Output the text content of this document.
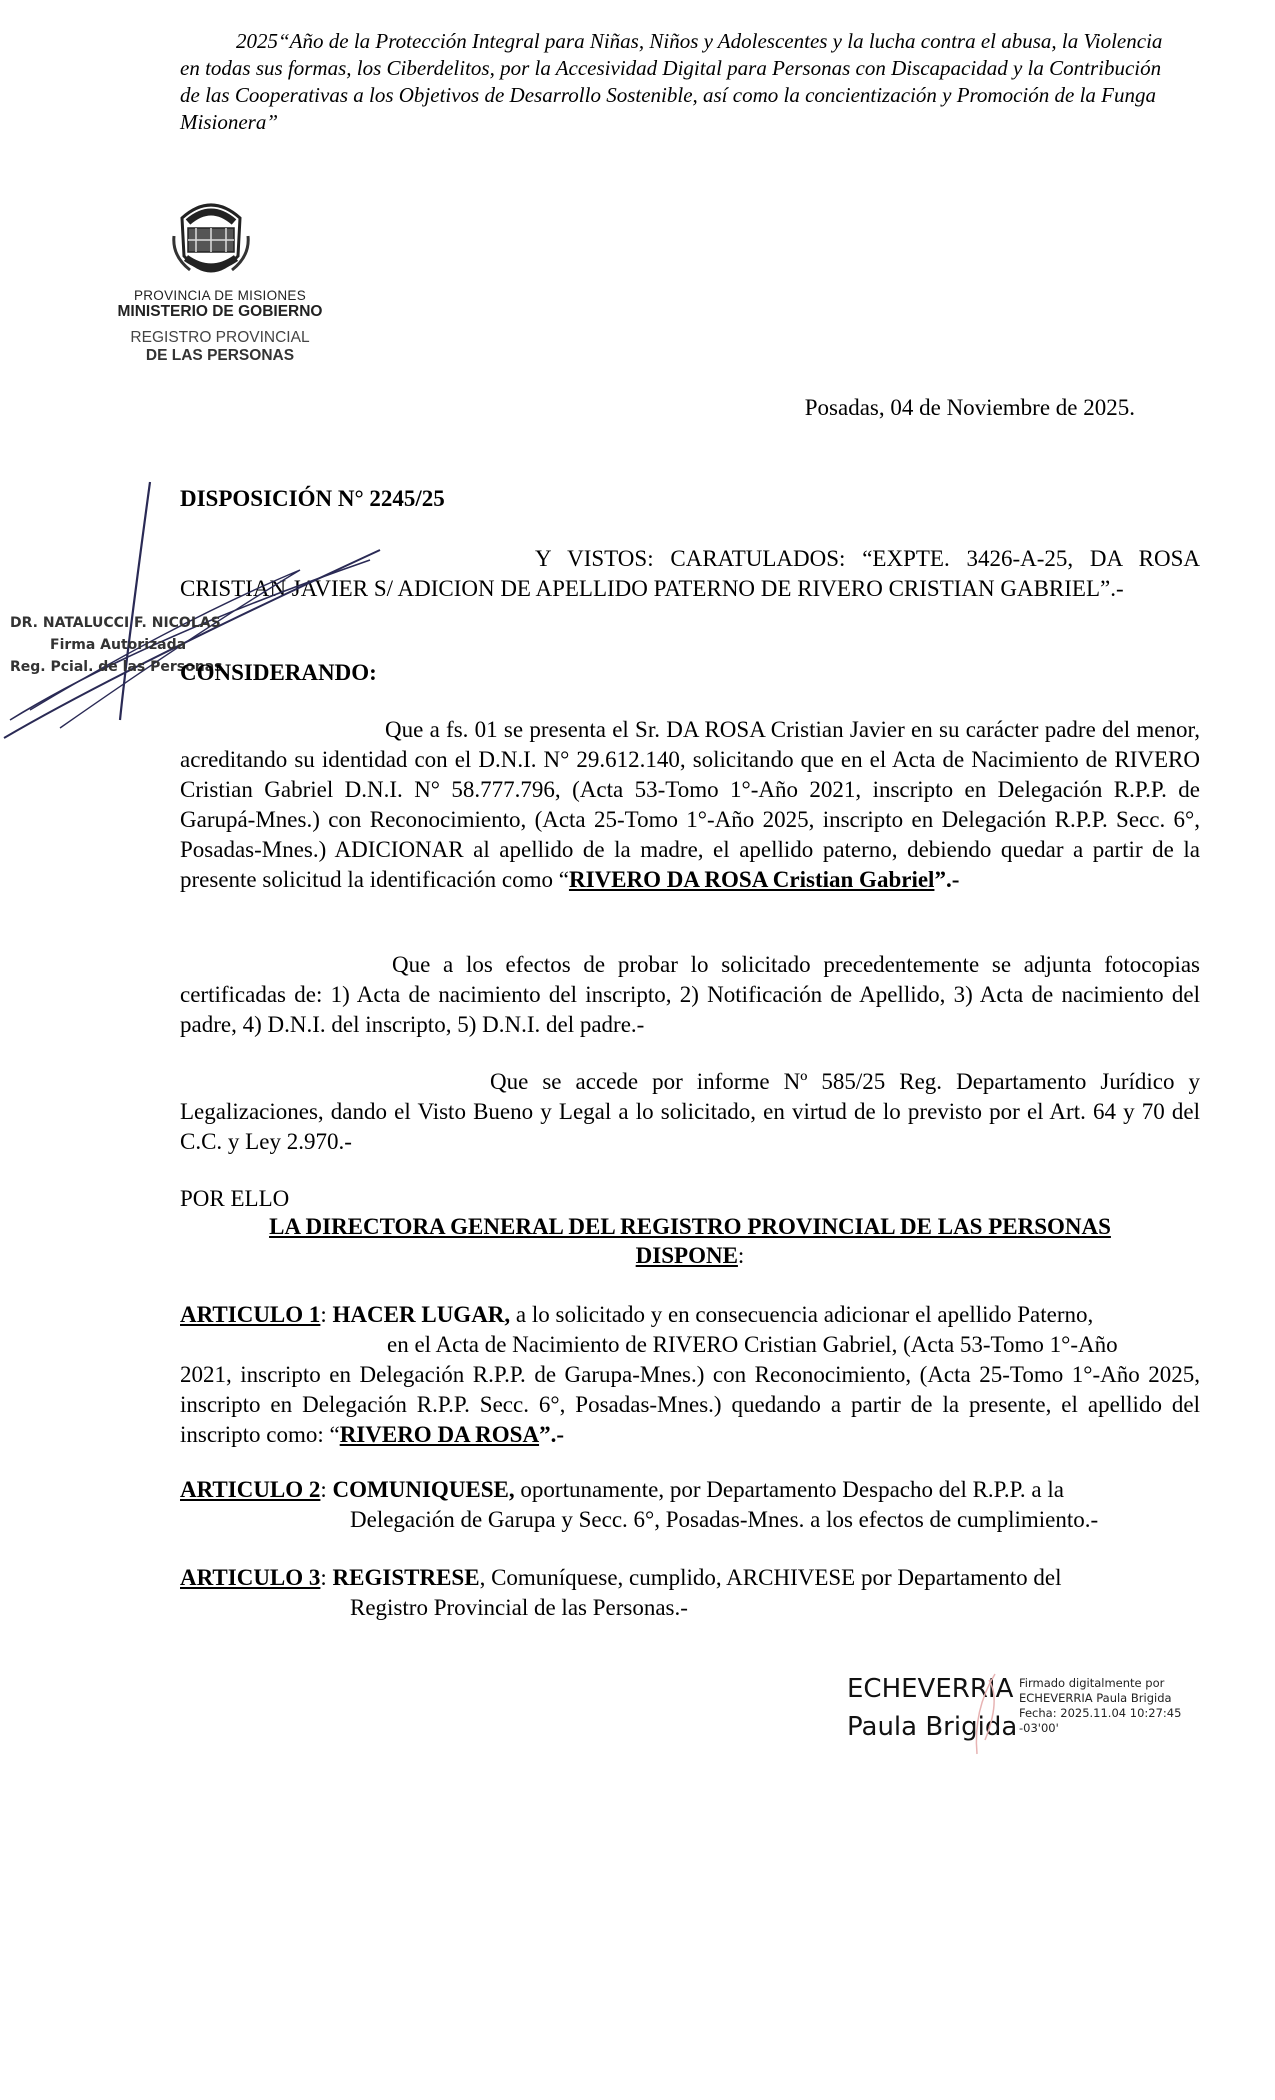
2025“Año de la Protección Integral para Niñas, Niños y Adolescentes y la lucha contra el abusa, la Violencia
en todas sus formas, los Ciberdelitos, por la Accesividad Digital para Personas con Discapacidad y la Contribución
de las Cooperativas a los Objetivos de Desarrollo Sostenible, así como la concientización y Promoción de la Funga
Misionera”
PROVINCIA DE MISIONES
MINISTERIO DE GOBIERNO
REGISTRO PROVINCIAL
DE LAS PERSONAS
Posadas, 04 de Noviembre de 2025.
DISPOSICIÓN N° 2245/25
Y VISTOS: CARATULADOS: “EXPTE. 3426-A-25, DA ROSA CRISTIAN JAVIER S/ ADICION DE APELLIDO PATERNO DE RIVERO CRISTIAN GABRIEL”.-
DR. NATALUCCI F. NICOLAS
Firma Autorizada
Reg. Pcial. de las Personas
CONSIDERANDO:
Que a fs. 01 se presenta el Sr. DA ROSA Cristian Javier en su carácter padre del menor, acreditando su identidad con el D.N.I. N° 29.612.140, solicitando que en el Acta de Nacimiento de RIVERO Cristian Gabriel D.N.I. N° 58.777.796, (Acta 53-Tomo 1°-Año 2021, inscripto en Delegación R.P.P. de Garupá-Mnes.) con Reconocimiento, (Acta 25-Tomo 1°-Año 2025, inscripto en Delegación R.P.P. Secc. 6°, Posadas-Mnes.) ADICIONAR al apellido de la madre, el apellido paterno, debiendo quedar a partir de la presente solicitud la identificación como “RIVERO DA ROSA Cristian Gabriel”.-
Que a los efectos de probar lo solicitado precedentemente se adjunta fotocopias certificadas de: 1) Acta de nacimiento del inscripto, 2) Notificación de Apellido, 3) Acta de nacimiento del padre, 4) D.N.I. del inscripto, 5) D.N.I. del padre.-
Que se accede por informe Nº 585/25 Reg. Departamento Jurídico y Legalizaciones, dando el Visto Bueno y Legal a lo solicitado, en virtud de lo previsto por el Art. 64 y 70 del C.C. y Ley 2.970.-
POR ELLO
LA DIRECTORA GENERAL DEL REGISTRO PROVINCIAL DE LAS PERSONAS
DISPONE:
ARTICULO 1: HACER LUGAR, a lo solicitado y en consecuencia adicionar el apellido Paterno,
en el Acta de Nacimiento de RIVERO Cristian Gabriel, (Acta 53-Tomo 1°-Año
2021, inscripto en Delegación R.P.P. de Garupa-Mnes.) con Reconocimiento, (Acta 25-Tomo 1°-Año 2025, inscripto en Delegación R.P.P. Secc. 6°, Posadas-Mnes.) quedando a partir de la presente, el apellido del inscripto como: “RIVERO DA ROSA”.-
ARTICULO 2: COMUNIQUESE, oportunamente, por Departamento Despacho del R.P.P. a la
Delegación de Garupa y Secc. 6°, Posadas-Mnes. a los efectos de cumplimiento.-
ARTICULO 3: REGISTRESE, Comuníquese, cumplido, ARCHIVESE por Departamento del
Registro Provincial de las Personas.-
ECHEVERRIA
Paula Brigida
Firmado digitalmente por
ECHEVERRIA Paula Brigida
Fecha: 2025.11.04 10:27:45
-03'00'
